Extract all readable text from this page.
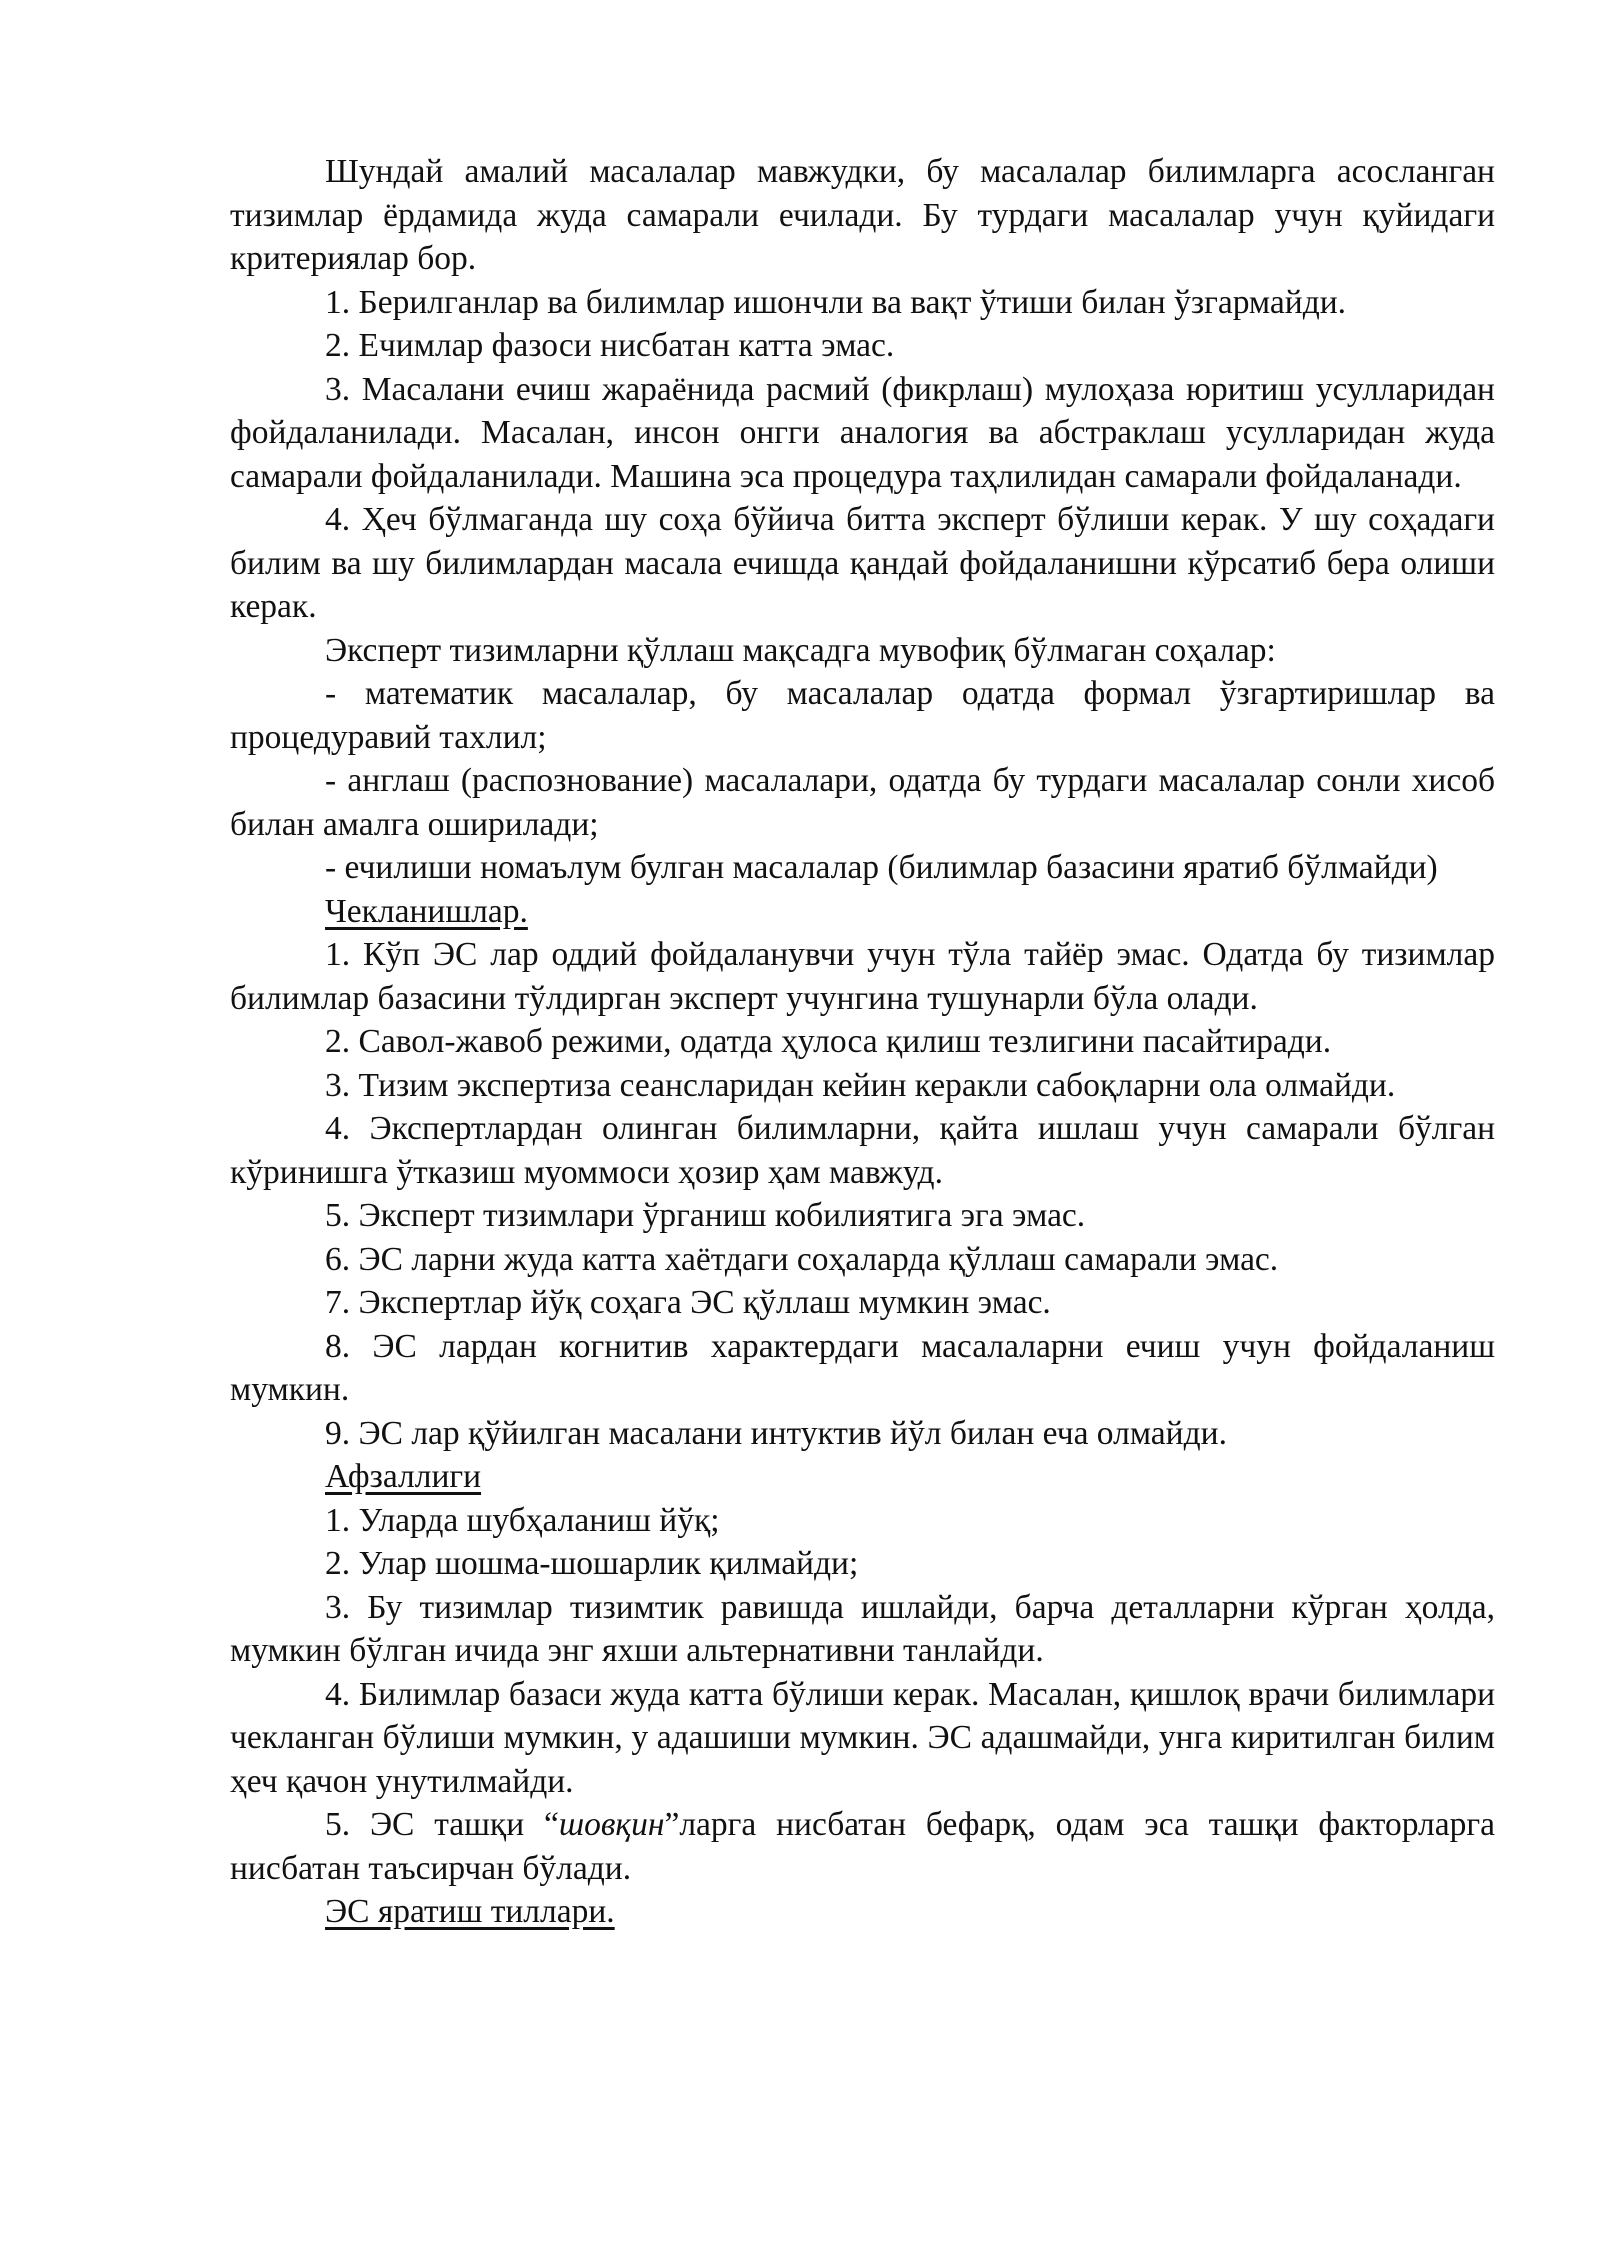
Шундай амалий масалалар мавжудки, бу масалалар билимларга асосланган тизимлар ёрдамида жуда самарали ечилади. Бу турдаги масалалар учун қуйидаги критериялар бор.

1. Берилганлар ва билимлар ишончли ва вақт ўтиши билан ўзгармайди.

2. Ечимлар фазоси нисбатан катта эмас.

3. Масалани ечиш жараёнида расмий (фикрлаш) мулоҳаза юритиш усулларидан фойдаланилади. Масалан, инсон онгги аналогия ва абстраклаш усулларидан жуда самарали фойдаланилади. Машина эса процедура таҳлилидан самарали фойдаланади.

4. Ҳеч бўлмаганда шу соҳа бўйича битта эксперт бўлиши керак. У шу соҳадаги билим ва шу билимлардан масала ечишда қандай фойдаланишни кўрсатиб бера олиши керак.

Эксперт тизимларни қўллаш мақсадга мувофиқ бўлмаган соҳалар:

- математик масалалар, бу масалалар одатда формал ўзгартиришлар ва процедуравий тахлил;

- англаш (распознование) масалалари, одатда бу турдаги масалалар сонли хисоб билан амалга оширилади;

- ечилиши номаълум булган масалалар (билимлар базасини яратиб бўлмайди)

Чекланишлар.

1. Кўп ЭС лар оддий фойдаланувчи учун тўла тайёр эмас. Одатда бу тизимлар билимлар базасини тўлдирган эксперт учунгина тушунарли бўла олади.

2. Савол-жавоб режими, одатда ҳулоса қилиш тезлигини пасайтиради.

3. Тизим экспертиза сеансларидан кейин керакли сабоқларни ола олмайди.

4. Экспертлардан олинган билимларни, қайта ишлаш учун самарали бўлган кўринишга ўтказиш муоммоси ҳозир ҳам мавжуд.

5. Эксперт тизимлари ўрганиш кобилиятига эга эмас.

6. ЭС ларни жуда катта хаётдаги соҳаларда қўллаш самарали эмас.

7. Экспертлар йўқ соҳага ЭС қўллаш мумкин эмас.

8. ЭС лардан когнитив характердаги масалаларни ечиш учун фойдаланиш мумкин.

9. ЭС лар қўйилган масалани интуктив йўл билан еча олмайди.

Афзаллиги

1. Уларда шубҳаланиш йўқ;

2. Улар шошма-шошарлик қилмайди;

3. Бу тизимлар тизимтик равишда ишлайди, барча деталларни кўрган ҳолда, мумкин бўлган ичида энг яхши альтернативни танлайди.

4. Билимлар базаси жуда катта бўлиши керак. Масалан, қишлоқ врачи билимлари чекланган бўлиши мумкин, у адашиши мумкин. ЭС адашмайди, унга киритилган билим ҳеч қачон унутилмайди.

5. ЭС ташқи “шовқин”ларга нисбатан бефарқ, одам эса ташқи факторларга нисбатан таъсирчан бўлади.

ЭС яратиш тиллари.
